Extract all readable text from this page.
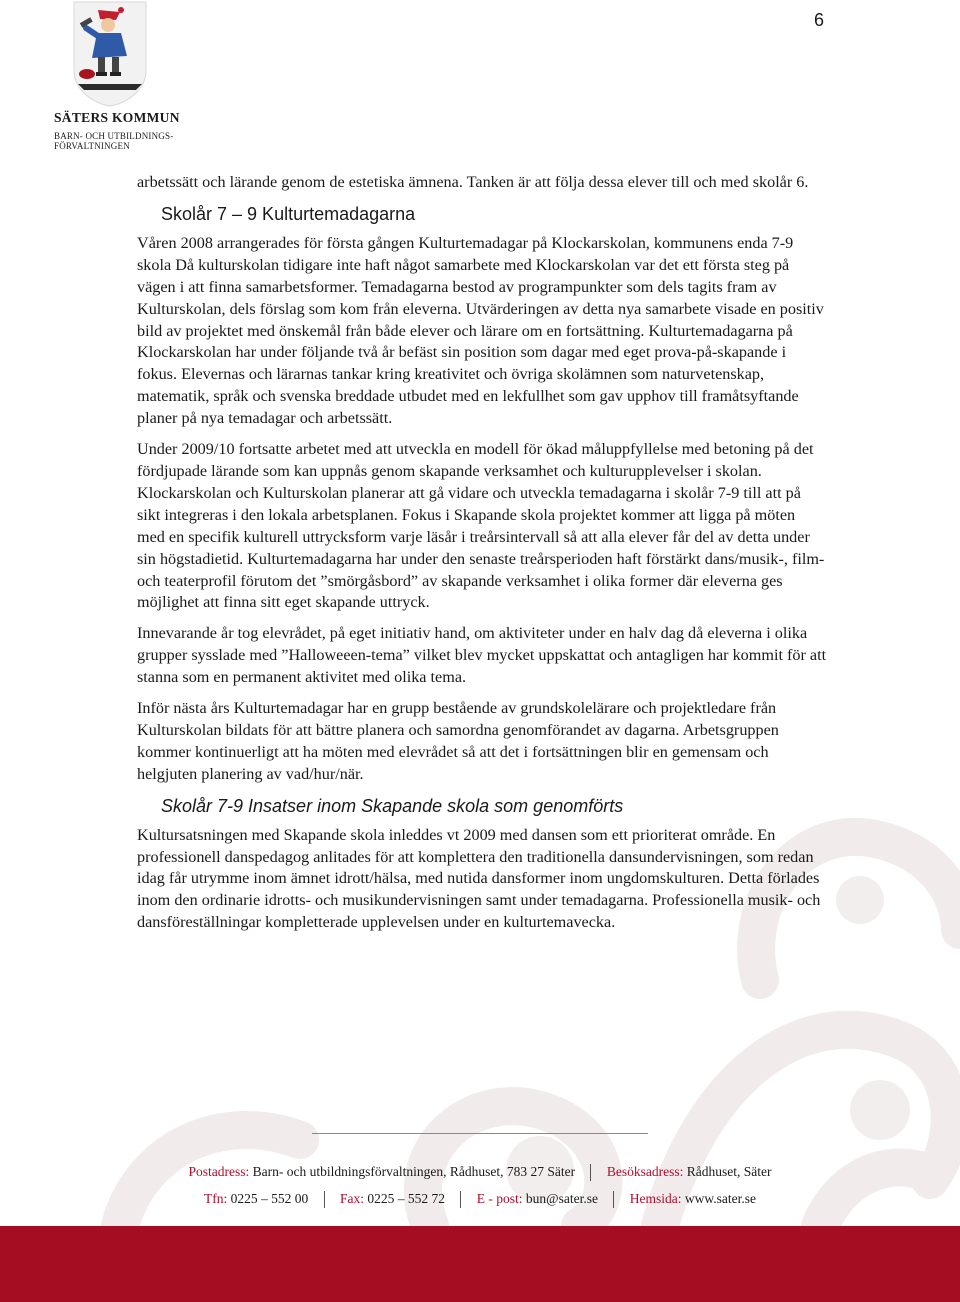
6
SÄTERS KOMMUN
BARN- OCH UTBILDNINGS-
FÖRVALTNINGEN

arbetssätt och lärande genom de estetiska ämnena. Tanken är att följa dessa elever till och med skolår 6.

Skolår 7 – 9 Kulturtemadagarna

Våren 2008 arrangerades för första gången Kulturtemadagar på Klockarskolan, kommunens enda 7-9 skola Då kulturskolan tidigare inte haft något samarbete med Klockarskolan var det ett första steg på vägen i att finna samarbetsformer. Temadagarna bestod av programpunkter som dels tagits fram av Kulturskolan, dels förslag som kom från eleverna. Utvärderingen av detta nya samarbete visade en positiv bild av projektet med önskemål från både elever och lärare om en fortsättning. Kulturtemadagarna på Klockarskolan har under följande två år befäst sin position som dagar med eget prova-på-skapande i fokus. Elevernas och lärarnas tankar kring kreativitet och övriga skolämnen som naturvetenskap, matematik, språk och svenska breddade utbudet med en lekfullhet som gav upphov till framåtsyftande planer på nya temadagar och arbetssätt.

Under 2009/10 fortsatte arbetet med att utveckla en modell för ökad måluppfyllelse med betoning på det fördjupade lärande som kan uppnås genom skapande verksamhet och kulturupplevelser i skolan. Klockarskolan och Kulturskolan planerar att gå vidare och utveckla temadagarna i skolår 7-9 till att på sikt integreras i den lokala arbetsplanen. Fokus i Skapande skola projektet kommer att ligga på möten med en specifik kulturell uttrycksform varje läsår i treårsintervall så att alla elever får del av detta under sin högstadietid. Kulturtemadagarna har under den senaste treårsperioden haft förstärkt dans/musik-, film- och teaterprofil förutom det ”smörgåsbord” av skapande verksamhet i olika former där eleverna ges möjlighet att finna sitt eget skapande uttryck.

Innevarande år tog elevrådet, på eget initiativ hand, om aktiviteter under en halv dag då eleverna i olika grupper sysslade med ”Halloweeen-tema” vilket blev mycket uppskattat och antagligen har kommit för att stanna som en permanent aktivitet med olika tema.

Inför nästa års Kulturtemadagar har en grupp bestående av grundskolelärare och projektledare från Kulturskolan bildats för att bättre planera och samordna genomförandet av dagarna. Arbetsgruppen kommer kontinuerligt att ha möten med elevrådet så att det i fortsättningen blir en gemensam och helgjuten planering av vad/hur/när.

Skolår 7-9 Insatser inom Skapande skola som genomförts

Kultursatsningen med Skapande skola inleddes vt 2009 med dansen som ett prioriterat område. En professionell danspedagog anlitades för att komplettera den traditionella dansundervisningen, som redan idag får utrymme inom ämnet idrott/hälsa, med nutida dansformer inom ungdomskulturen. Detta förlades inom den ordinarie idrotts- och musikundervisningen samt under temadagarna. Professionella musik- och dansföreställningar kompletterade upplevelsen under en kulturtemavecka.

Postadress: Barn- och utbildningsförvaltningen, Rådhuset, 783 27 Säter Besöksadress: Rådhuset, Säter
Tfn: 0225 – 552 00 Fax: 0225 – 552 72 E - post: bun@sater.se Hemsida: www.sater.se
